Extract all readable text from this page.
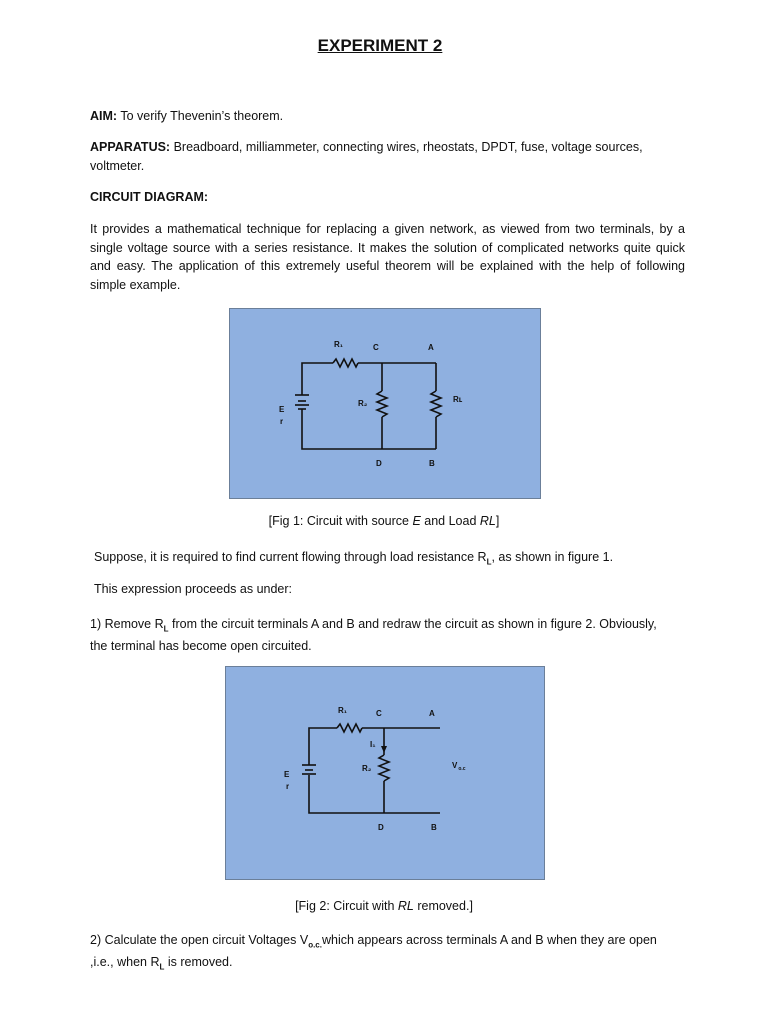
EXPERIMENT 2
AIM: To verify Thevenin’s theorem.
APPARATUS: Breadboard, milliammeter, connecting wires, rheostats, DPDT, fuse, voltage sources, voltmeter.
CIRCUIT DIAGRAM:
It provides a mathematical technique for replacing a given network, as viewed from two terminals, by a single voltage source with a series resistance. It makes the solution of complicated networks quite quick and easy. The application of this extremely useful theorem will be explained with the help of following simple example.
R₁	C	A
R₂	Rʟ
E
r
D	B
[Fig 1: Circuit with source E and Load RL]
Suppose, it is required to find current flowing through load resistance $R_L$, as shown in figure 1.
This expression proceeds as under:
1) Remove $R_L$ from the circuit terminals A and B and redraw the circuit as shown in figure 2. Obviously, the terminal has become open circuited.
R₁	C	A
I₁
R₂	$V_{o.c}$
E
r
D	B
[Fig 2: Circuit with RL removed.]
2) Calculate the open circuit Voltages $V_{o.c.}which$ appears across terminals A and B when they are open ,i.e., when $R_L$ is removed.
